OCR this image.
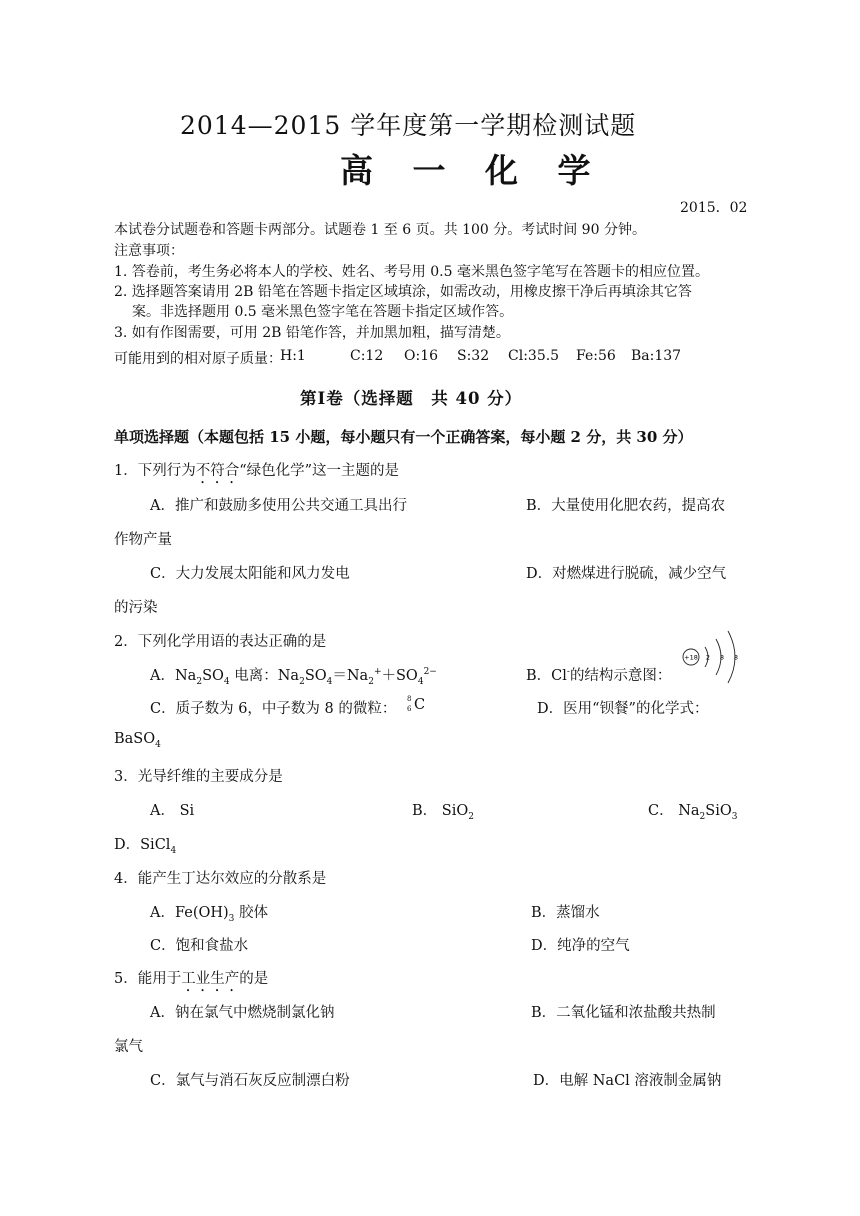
2014—2015 学年度第一学期检测试题
高 一 化 学
2015．02
本试卷分试题卷和答题卡两部分。试题卷 1 至 6 页。共 100 分。考试时间 90 分钟。
注意事项：
1. 答卷前，考生务必将本人的学校、姓名、考号用 0.5 毫米黑色签字笔写在答题卡的相应位置。
2. 选择题答案请用 2B 铅笔在答题卡指定区域填涂，如需改动，用橡皮擦干净后再填涂其它答
案。非选择题用 0.5 毫米黑色签字笔在答题卡指定区域作答。
3. 如有作图需要，可用 2B 铅笔作答，并加黑加粗，描写清楚。
可能用到的相对原子质量：
H:1	C:12 O:16 S:32 Cl:35.5 Fe:56 Ba:137
第Ⅰ卷（选择题　共 40 分）
单项选择题（本题包括 15 小题，每小题只有一个正确答案，每小题 2 分，共 30 分）
1．下列行为不符合“绿色化学”这一主题的是
A．推广和鼓励多使用公共交通工具出行	B．大量使用化肥农药，提高农
作物产量
C．大力发展太阳能和风力发电	D．对燃煤进行脱硫，减少空气
的污染
2．下列化学用语的表达正确的是
A．$Na_2SO_4$ 电离：$Na_2SO_4=Na_2^++SO_4^{2-}$	B．Cl-的结构示意图：
+18 2 8 8
C．质子数为 6，中子数为 8 的微粒：
8
6 C	D．医用“钡餐”的化学式：
BaSO$_4$
3．光导纤维的主要成分是
A． Si	B． SiO$_2$	C． $Na_2SiO_3$
D．SiCl$_4$
4．能产生丁达尔效应的分散系是
A．$Fe(OH)_3$ 胶体	B．蒸馏水
C．饱和食盐水	D．纯净的空气
5．能用于工业生产的是
A．钠在氯气中燃烧制氯化钠	B．二氧化锰和浓盐酸共热制
氯气
C．氯气与消石灰反应制漂白粉	D．电解 NaCl 溶液制金属钠
